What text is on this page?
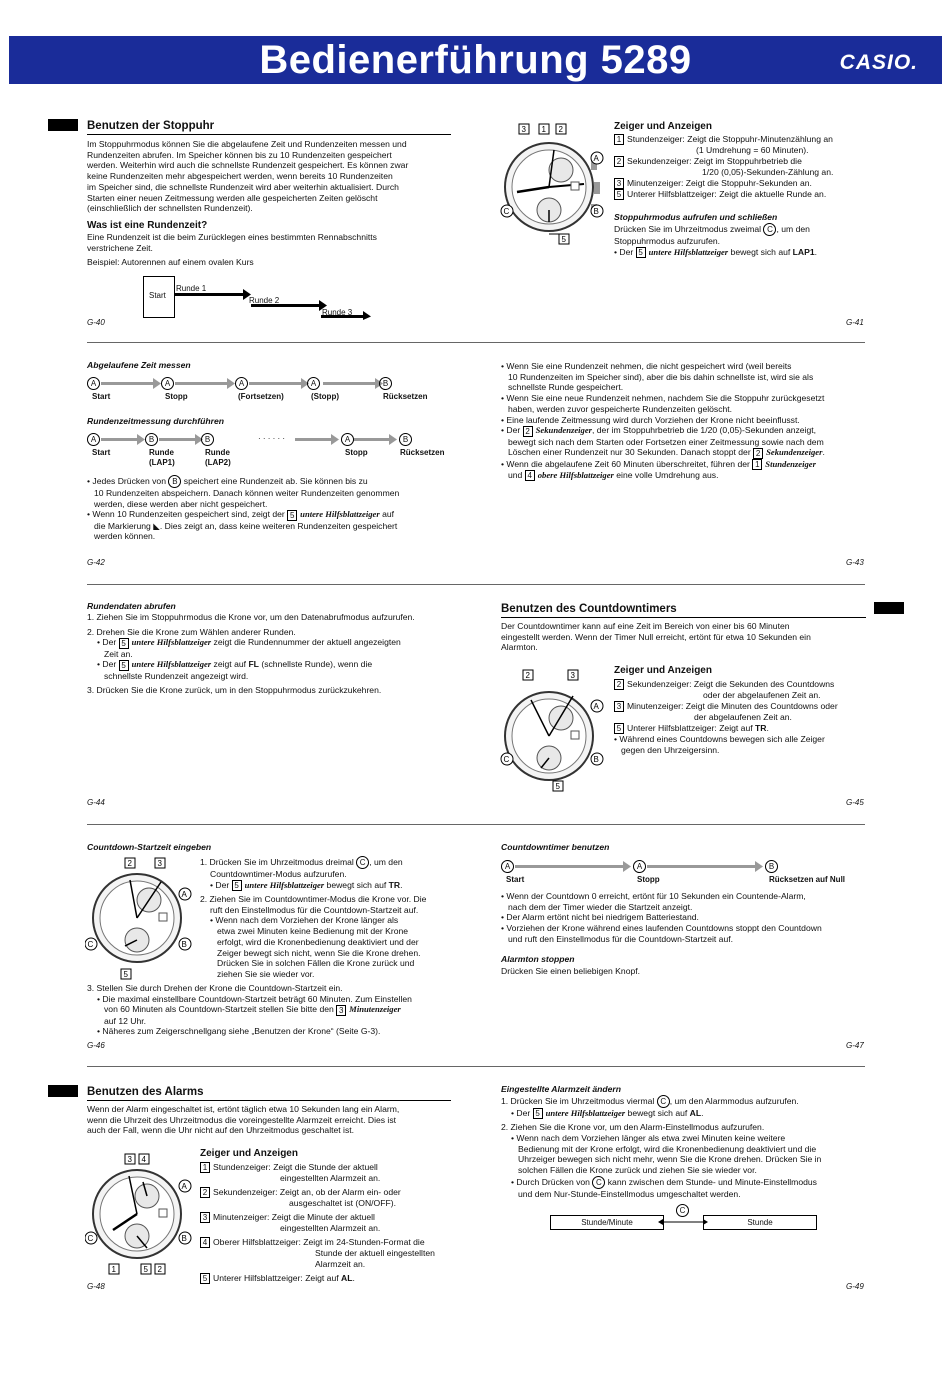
Bedienerführung 5289	CASIO.
Benutzen der Stoppuhr
Im Stoppuhrmodus können Sie die abgelaufene Zeit und Rundenzeiten messen und
Rundenzeiten abrufen. Im Speicher können bis zu 10 Rundenzeiten gespeichert
werden. Weiterhin wird auch die schnellste Rundenzeit gespeichert. Es können zwar
keine Rundenzeiten mehr abgespeichert werden, wenn bereits 10 Rundenzeiten
im Speicher sind, die schnellste Rundenzeit wird aber weiterhin aktualisiert. Durch
Starten einer neuen Zeitmessung werden alle gespeicherten Zeiten gelöscht
(einschließlich der schnellsten Rundenzeit).
Was ist eine Rundenzeit?
Eine Rundenzeit ist die beim Zurücklegen eines bestimmten Rennabschnitts
verstrichene Zeit.
Beispiel: Autorennen auf einem ovalen Kurs
Start
Runde 1
Runde 2
Runde 3
G-40
3 1 2
A
B
C
5
Zeiger und Anzeigen
1 Stundenzeiger: Zeigt die Stoppuhr-Minutenzählung an
(1 Umdrehung = 60 Minuten).
2 Sekundenzeiger: Zeigt im Stoppuhrbetrieb die
1/20 (0,05)-Sekunden-Zählung an.
3 Minutenzeiger: Zeigt die Stoppuhr-Sekunden an.
5 Unterer Hilfsblattzeiger: Zeigt die aktuelle Runde an.
Stoppuhrmodus aufrufen und schließen
Drücken Sie im Uhrzeitmodus zweimal C , um den
Stoppuhrmodus aufzurufen.
• Der 5 untere Hilfsblattzeiger bewegt sich auf LAP1.
G-41
Abgelaufene Zeit messen
A	A	A	A	B
Start	Stopp	(Fortsetzen)	(Stopp)	Rücksetzen
Rundenzeitmessung durchführen
· · · · · ·
A	B	B	A	B
Start	Runde
(LAP1)
Runde
(LAP2)
Stopp	Rücksetzen
• Jedes Drücken von B speichert eine Rundenzeit ab. Sie können bis zu
10 Rundenzeiten abspeichern. Danach können weiter Rundenzeiten genommen
werden, diese werden aber nicht gespeichert.
• Wenn 10 Rundenzeiten gespeichert sind, zeigt der 5 untere Hilfsblattzeiger auf
die Markierung ◣. Dies zeigt an, dass keine weiteren Rundenzeiten gespeichert
werden können.
G-42
• Wenn Sie eine Rundenzeit nehmen, die nicht gespeichert wird (weil bereits
10 Rundenzeiten im Speicher sind), aber die bis dahin schnellste ist, wird sie als
schnellste Runde gespeichert.
• Wenn Sie eine neue Rundenzeit nehmen, nachdem Sie die Stoppuhr zurückgesetzt
haben, werden zuvor gespeicherte Rundenzeiten gelöscht.
• Eine laufende Zeitmessung wird durch Vorziehen der Krone nicht beeinflusst.
• Der 2 Sekundenzeiger, der im Stoppuhrbetrieb die 1/20 (0,05)-Sekunden anzeigt,
bewegt sich nach dem Starten oder Fortsetzen einer Zeitmessung sowie nach dem
Löschen einer Rundenzeit nur 30 Sekunden. Danach stoppt der 2 Sekundenzeiger.
• Wenn die abgelaufene Zeit 60 Minuten überschreitet, führen der 1 Stundenzeiger
und 4 obere Hilfsblattzeiger eine volle Umdrehung aus.
G-43
Rundendaten abrufen
1. Ziehen Sie im Stoppuhrmodus die Krone vor, um den Datenabrufmodus aufzurufen.
2. Drehen Sie die Krone zum Wählen anderer Runden.
• Der 5 untere Hilfsblattzeiger zeigt die Rundennummer der aktuell angezeigten
Zeit an.
• Der 5 untere Hilfsblattzeiger zeigt auf FL (schnellste Runde), wenn die
schnellste Rundenzeit angezeigt wird.
3. Drücken Sie die Krone zurück, um in den Stoppuhrmodus zurückzukehren.
G-44
Benutzen des Countdowntimers
Der Countdowntimer kann auf eine Zeit im Bereich von einer bis 60 Minuten
eingestellt werden. Wenn der Timer Null erreicht, ertönt für etwa 10 Sekunden ein
Alarmton.
2	3
A
B
C
5
Zeiger und Anzeigen
2 Sekundenzeiger: Zeigt die Sekunden des Countdowns
oder der abgelaufenen Zeit an.
3 Minutenzeiger: Zeigt die Minuten des Countdowns oder
der abgelaufenen Zeit an.
5 Unterer Hilfsblattzeiger: Zeigt auf TR.
• Während eines Countdowns bewegen sich alle Zeiger
gegen den Uhrzeigersinn.
G-45
Countdown-Startzeit eingeben
2	3
A
B
C
5
1. Drücken Sie im Uhrzeitmodus dreimal C , um den
Countdowntimer-Modus aufzurufen.
• Der 5 untere Hilfsblattzeiger bewegt sich auf TR.
2. Ziehen Sie im Countdowntimer-Modus die Krone vor. Die
ruft den Einstellmodus für die Countdown-Startzeit auf.
• Wenn nach dem Vorziehen der Krone länger als
etwa zwei Minuten keine Bedienung mit der Krone
erfolgt, wird die Kronenbedienung deaktiviert und der
Zeiger bewegt sich nicht, wenn Sie die Krone drehen.
Drücken Sie in solchen Fällen die Krone zurück und
ziehen Sie sie wieder vor.
3. Stellen Sie durch Drehen der Krone die Countdown-Startzeit ein.
• Die maximal einstellbare Countdown-Startzeit beträgt 60 Minuten. Zum Einstellen
von 60 Minuten als Countdown-Startzeit stellen Sie bitte den 3 Minutenzeiger
auf 12 Uhr.
• Näheres zum Zeigerschnellgang siehe „Benutzen der Krone“ (Seite G-3).
G-46
Countdowntimer benutzen
A	A	B
Start	Stopp	Rücksetzen auf Null
• Wenn der Countdown 0 erreicht, ertönt für 10 Sekunden ein Countende-Alarm,
nach dem der Timer wieder die Startzeit anzeigt.
• Der Alarm ertönt nicht bei niedrigem Batteriestand.
• Vorziehen der Krone während eines laufenden Countdowns stoppt den Countdown
und ruft den Einstellmodus für die Countdown-Startzeit auf.
Alarmton stoppen
Drücken Sie einen beliebigen Knopf.
G-47
Benutzen des Alarms
Wenn der Alarm eingeschaltet ist, ertönt täglich etwa 10 Sekunden lang ein Alarm,
wenn die Uhrzeit des Uhrzeitmodus die voreingestellte Alarmzeit erreicht. Dies ist
auch der Fall, wenn die Uhr nicht auf den Uhrzeitmodus geschaltet ist.
3 4
A
B
C
1	5 2
Zeiger und Anzeigen
1 Stundenzeiger: Zeigt die Stunde der aktuell
eingestellten Alarmzeit an.
2 Sekundenzeiger: Zeigt an, ob der Alarm ein- oder
ausgeschaltet ist (ON/OFF).
3 Minutenzeiger: Zeigt die Minute der aktuell
eingestellten Alarmzeit an.
4 Oberer Hilfsblattzeiger: Zeigt im 24-Stunden-Format die
Stunde der aktuell eingestellten
Alarmzeit an.
5 Unterer Hilfsblattzeiger: Zeigt auf AL.
G-48
Eingestellte Alarmzeit ändern
1. Drücken Sie im Uhrzeitmodus viermal C , um den Alarmmodus aufzurufen.
• Der 5 untere Hilfsblattzeiger bewegt sich auf AL.
2. Ziehen Sie die Krone vor, um den Alarm-Einstellmodus aufzurufen.
• Wenn nach dem Vorziehen länger als etwa zwei Minuten keine weitere
Bedienung mit der Krone erfolgt, wird die Kronenbedienung deaktiviert und die
Uhrzeiger bewegen sich nicht mehr, wenn Sie die Krone drehen. Drücken Sie in
solchen Fällen die Krone zurück und ziehen Sie sie wieder vor.
• Durch Drücken von C kann zwischen dem Stunde- und Minute-Einstellmodus
und dem Nur-Stunde-Einstellmodus umgeschaltet werden.
C
Stunde/Minute	Stunde
G-49
